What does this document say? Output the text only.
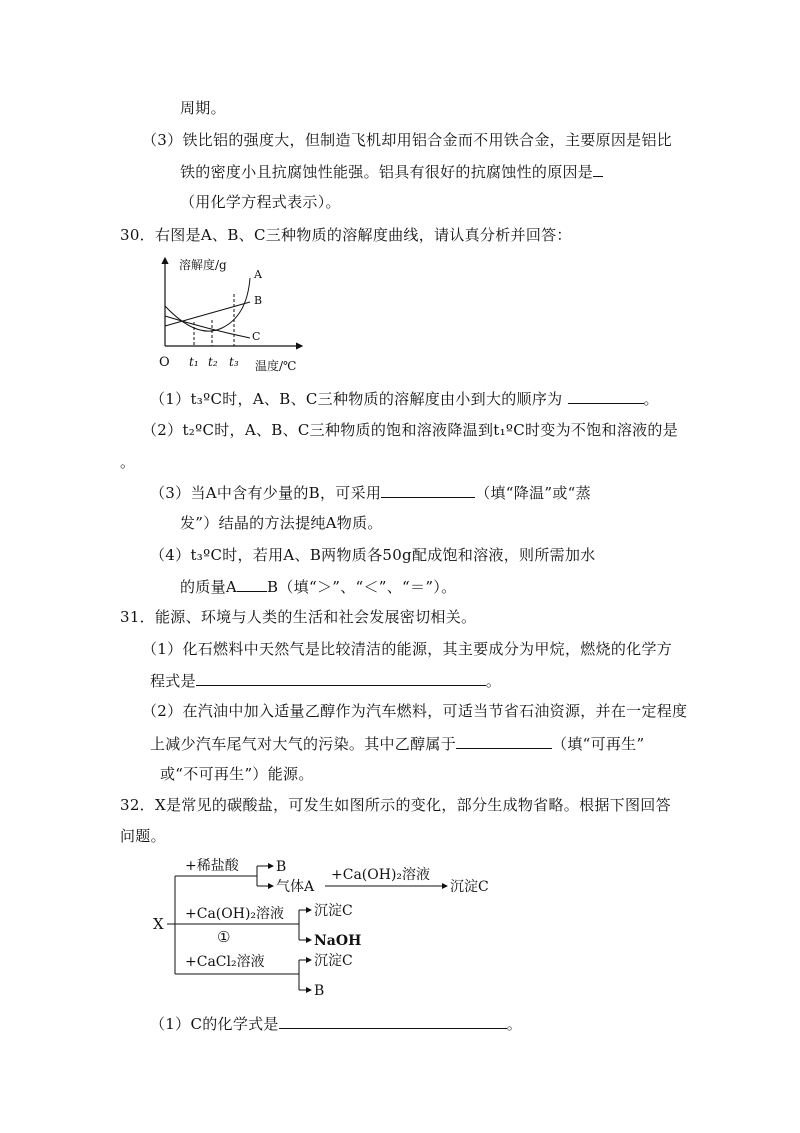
周期。
（3）铁比铝的强度大，但制造飞机却用铝合金而不用铁合金，主要原因是铝比
铁的密度小且抗腐蚀性能强。铝具有很好的抗腐蚀性的原因是
（用化学方程式表示）。
30．右图是A、B、C三种物质的溶解度曲线，请认真分析并回答：
溶解度/g
温度/℃
O
A
B
C
t₁ t₂ t₃
（1）t₃ºC时，A、B、C三种物质的溶解度由小到大的顺序为	。
（2）t₂ºC时，A、B、C三种物质的饱和溶液降温到t₁ºC时变为不饱和溶液的是
。
（3）当A中含有少量的B，可采用	（填“降温”或“蒸
发”）结晶的方法提纯A物质。
（4）t₃ºC时，若用A、B两物质各50g配成饱和溶液，则所需加水
的质量A B（填“＞”、“＜”、“＝”）。
31．能源、环境与人类的生活和社会发展密切相关。
（1）化石燃料中天然气是比较清洁的能源，其主要成分为甲烷，燃烧的化学方
程式是	。
（2）在汽油中加入适量乙醇作为汽车燃料，可适当节省石油资源，并在一定程度
上减少汽车尾气对大气的污染。其中乙醇属于	（填“可再生”
或“不可再生”）能源。
32．X是常见的碳酸盐，可发生如图所示的变化，部分生成物省略。根据下图回答
问题。
X
+稀盐酸	B
气体A
+Ca(OH)₂溶液
沉淀C
+Ca(OH)₂溶液
①
沉淀C
NaOH
+CaCl₂溶液	沉淀C
B
（1）C的化学式是	。
